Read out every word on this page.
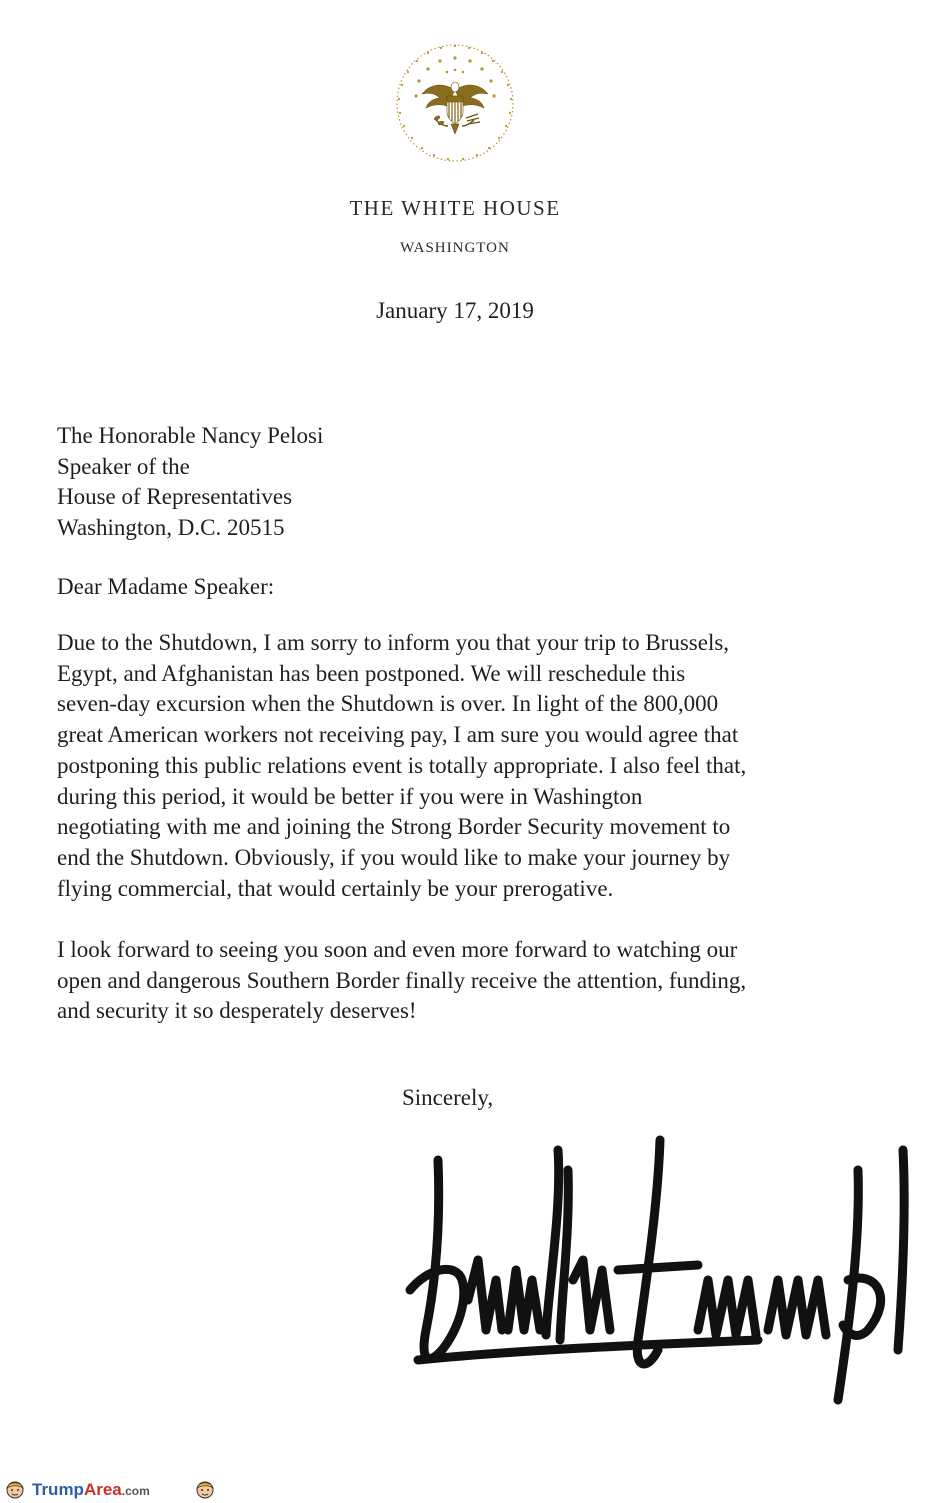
THE WHITE HOUSE
WASHINGTON
January 17, 2019
The Honorable Nancy Pelosi
Speaker of the
House of Representatives
Washington, D.C. 20515
Dear Madame Speaker:
Due to the Shutdown, I am sorry to inform you that your trip to Brussels,
Egypt, and Afghanistan has been postponed. We will reschedule this
seven-day excursion when the Shutdown is over. In light of the 800,000
great American workers not receiving pay, I am sure you would agree that
postponing this public relations event is totally appropriate. I also feel that,
during this period, it would be better if you were in Washington
negotiating with me and joining the Strong Border Security movement to
end the Shutdown. Obviously, if you would like to make your journey by
flying commercial, that would certainly be your prerogative.
I look forward to seeing you soon and even more forward to watching our
open and dangerous Southern Border finally receive the attention, funding,
and security it so desperately deserves!
Sincerely,
TrumpArea.com
